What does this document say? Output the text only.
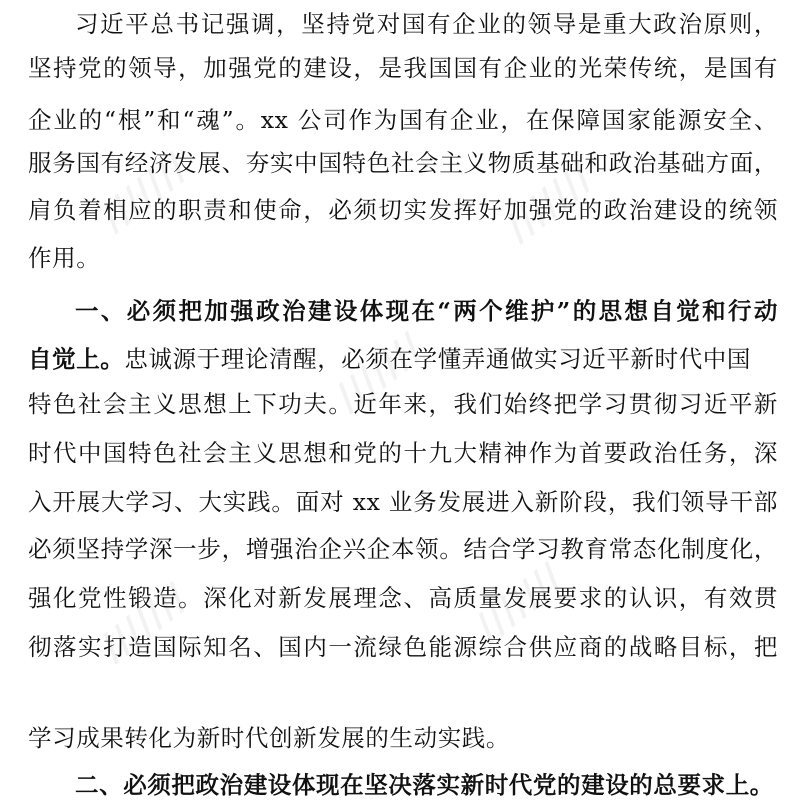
///////	///////
///////
///////	///////
习近平总书记强调，坚持党对国有企业的领导是重大政治原则，
坚持党的领导，加强党的建设，是我国国有企业的光荣传统，是国有
企业的“根”和“魂”。xx 公司作为国有企业，在保障国家能源安全、
服务国有经济发展、夯实中国特色社会主义物质基础和政治基础方面，
肩负着相应的职责和使命，必须切实发挥好加强党的政治建设的统领
作用。
一、必须把加强政治建设体现在“两个维护”的思想自觉和行动
自觉上。忠诚源于理论清醒，必须在学懂弄通做实习近平新时代中国
特色社会主义思想上下功夫。近年来，我们始终把学习贯彻习近平新
时代中国特色社会主义思想和党的十九大精神作为首要政治任务，深
入开展大学习、大实践。面对 xx 业务发展进入新阶段，我们领导干部
必须坚持学深一步，增强治企兴企本领。结合学习教育常态化制度化，
强化党性锻造。深化对新发展理念、高质量发展要求的认识，有效贯
彻落实打造国际知名、国内一流绿色能源综合供应商的战略目标，把
学习成果转化为新时代创新发展的生动实践。
二、必须把政治建设体现在坚决落实新时代党的建设的总要求上。
